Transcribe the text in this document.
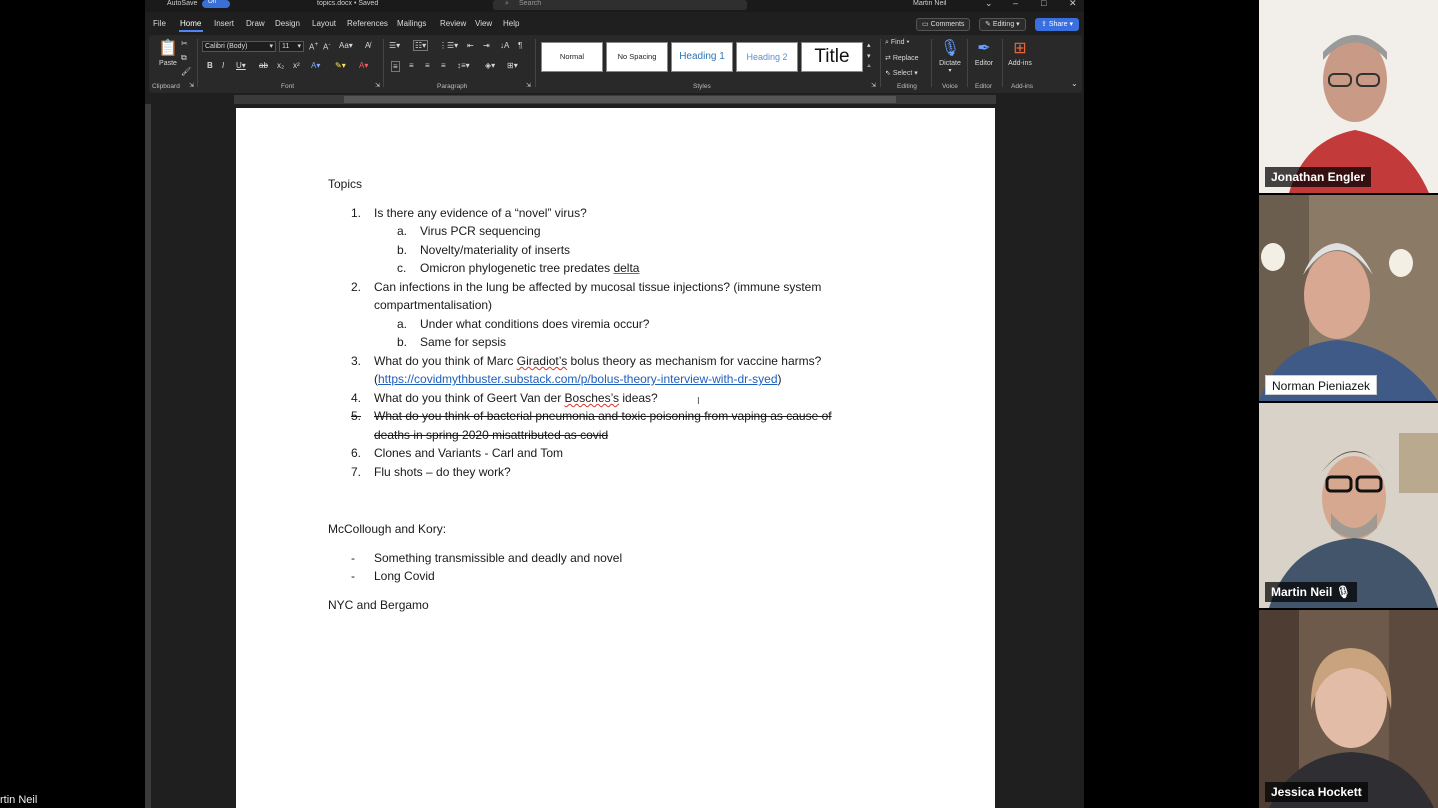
AutoSave On	topics.docx • Saved	⌕ Search	Martin Neil	⌄ –	□	✕
File Home Insert Draw Design Layout References Mailings Review View Help	▭ Comments	✎ Editing ▾	⇪ Share ▾
📋
Paste
✂
⧉
🖌
Clipboard ⇲
Calibri (Body)	▾	11 ▾ A+ A- Aa▾ A̸
B I U▾ ab x₂ x² A▾ ✎▾ A▾
Font	⇲
☰▾ ☷▾ ⋮☰▾ ⇤ ⇥ ↓A ¶
≡ ≡ ≡ ≡ ↕≡▾ ◈▾ ⊞▾
Paragraph	⇲
Normal	No Spacing	Heading 1	Heading 2	Title
▴
▾
⩡
Styles	⇲
⌕ Find ▾
⇄ Replace
⇖ Select ▾
Editing
🎙
Dictate
▾
Voice
✒
Editor
Editor
⊞
Add-ins
Add-ins	⌄
Topics
1. Is there any evidence of a “novel” virus?
a. Virus PCR sequencing
b. Novelty/materiality of inserts
c. Omicron phylogenetic tree predates delta
2. Can infections in the lung be affected by mucosal tissue injections? (immune system
compartmentalisation)
a. Under what conditions does viremia occur?
b. Same for sepsis
3. What do you think of Marc Giradiot’s bolus theory as mechanism for vaccine harms?
(https://covidmythbuster.substack.com/p/bolus-theory-interview-with-dr-syed)
4. What do you think of Geert Van der Bosches’s ideas?	I
5. What do you think of bacterial pneumonia and toxic poisoning from vaping as cause of
deaths in spring 2020 misattributed as covid
6. Clones and Variants - Carl and Tom
7. Flu shots – do they work?
McCollough and Kory:
- Something transmissible and deadly and novel
- Long Covid
NYC and Bergamo
Jonathan Engler
Norman Pieniazek
Martin Neil 🎙
Jessica Hockett
rtin Neil
